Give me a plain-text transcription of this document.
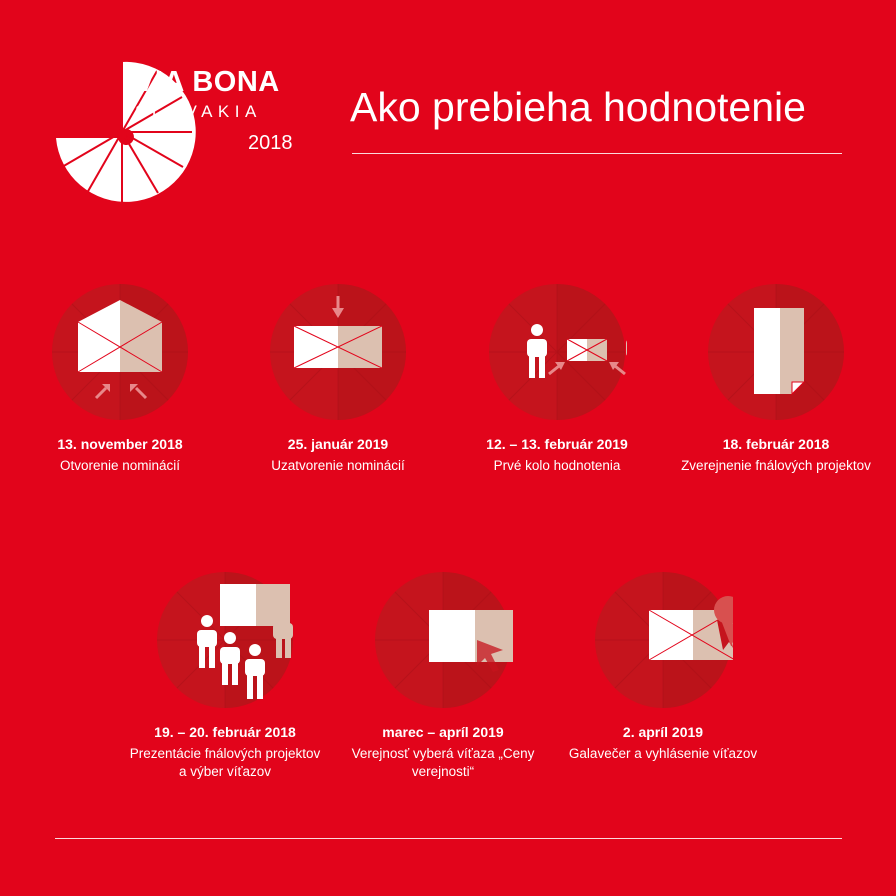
VIA BONA
SLOVAKIA
2018
Ako prebieha hodnotenie
13. november 2018
Otvorenie nominácií
25. január 2019
Uzatvorenie nominácií
12. – 13. február 2019
Prvé kolo hodnotenia
18. február 2018
Zverejnenie fnálových projektov
19. – 20. február 2018
Prezentácie fnálových projektov a výber víťazov
marec – apríl 2019
Verejnosť vyberá víťaza „Ceny verejnosti“
2. apríl 2019
Galavečer a vyhlásenie víťazov
